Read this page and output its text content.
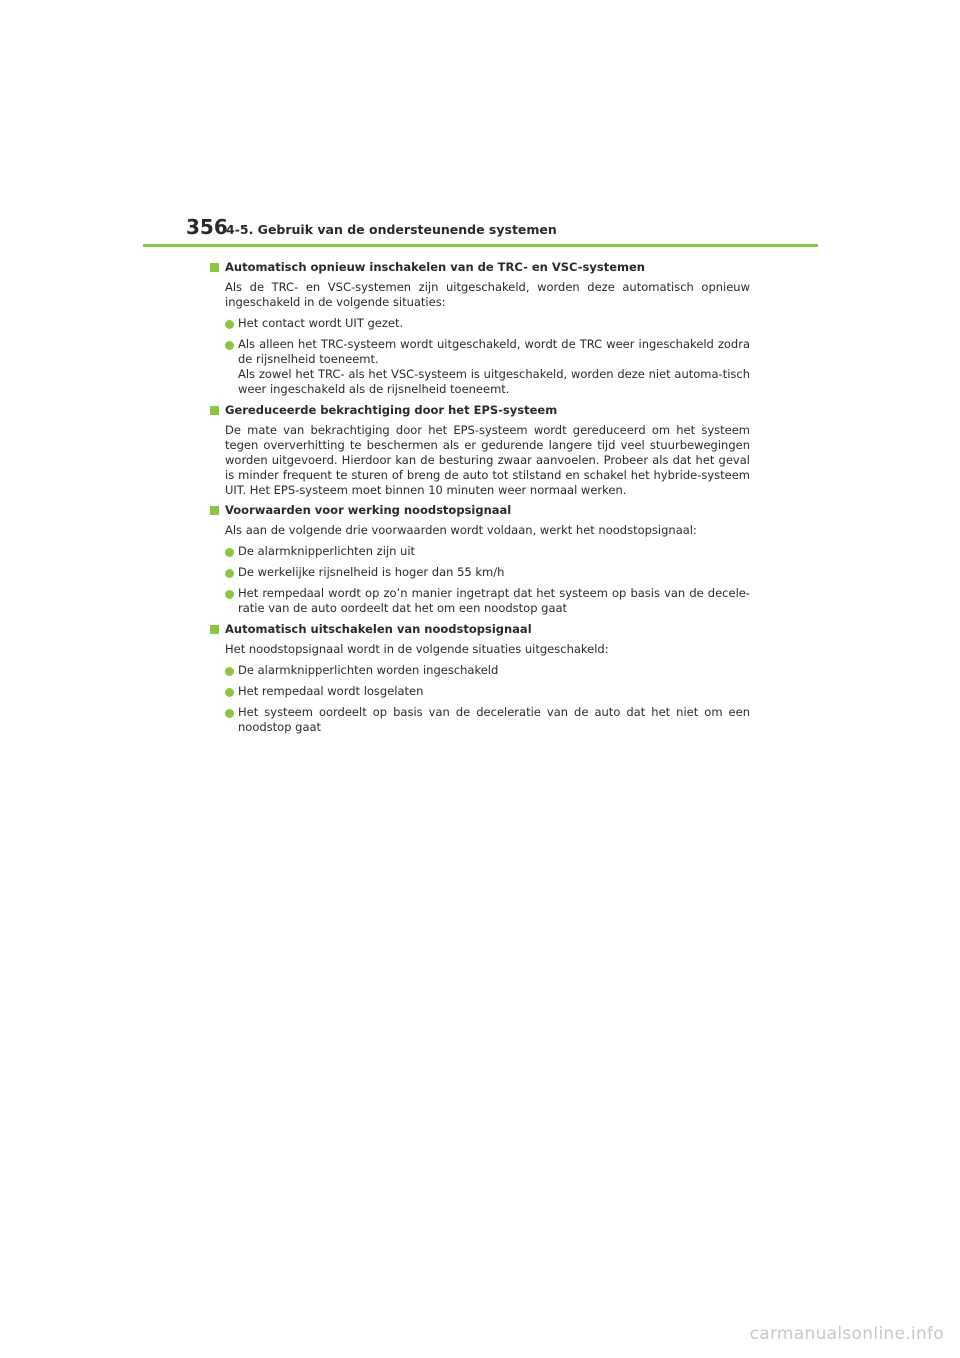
356
4-5. Gebruik van de ondersteunende systemen
Automatisch opnieuw inschakelen van de TRC- en VSC-systemen
Als de TRC- en VSC-systemen zijn uitgeschakeld, worden deze automatisch opnieuw ingeschakeld in de volgende situaties:
Het contact wordt UIT gezet.
Als alleen het TRC-systeem wordt uitgeschakeld, wordt de TRC weer ingeschakeld zodra de rijsnelheid toeneemt.
Als zowel het TRC- als het VSC-systeem is uitgeschakeld, worden deze niet automa-tisch weer ingeschakeld als de rijsnelheid toeneemt.
Gereduceerde bekrachtiging door het EPS-systeem
De mate van bekrachtiging door het EPS-systeem wordt gereduceerd om het systeem tegen oververhitting te beschermen als er gedurende langere tijd veel stuurbewegingen worden uitgevoerd. Hierdoor kan de besturing zwaar aanvoelen. Probeer als dat het geval is minder frequent te sturen of breng de auto tot stilstand en schakel het hybride-systeem UIT. Het EPS-systeem moet binnen 10 minuten weer normaal werken.
Voorwaarden voor werking noodstopsignaal
Als aan de volgende drie voorwaarden wordt voldaan, werkt het noodstopsignaal:
De alarmknipperlichten zijn uit
De werkelijke rijsnelheid is hoger dan 55 km/h
Het rempedaal wordt op zo’n manier ingetrapt dat het systeem op basis van de decele-ratie van de auto oordeelt dat het om een noodstop gaat
Automatisch uitschakelen van noodstopsignaal
Het noodstopsignaal wordt in de volgende situaties uitgeschakeld:
De alarmknipperlichten worden ingeschakeld
Het rempedaal wordt losgelaten
Het systeem oordeelt op basis van de deceleratie van de auto dat het niet om een noodstop gaat
carmanualsonline.info
